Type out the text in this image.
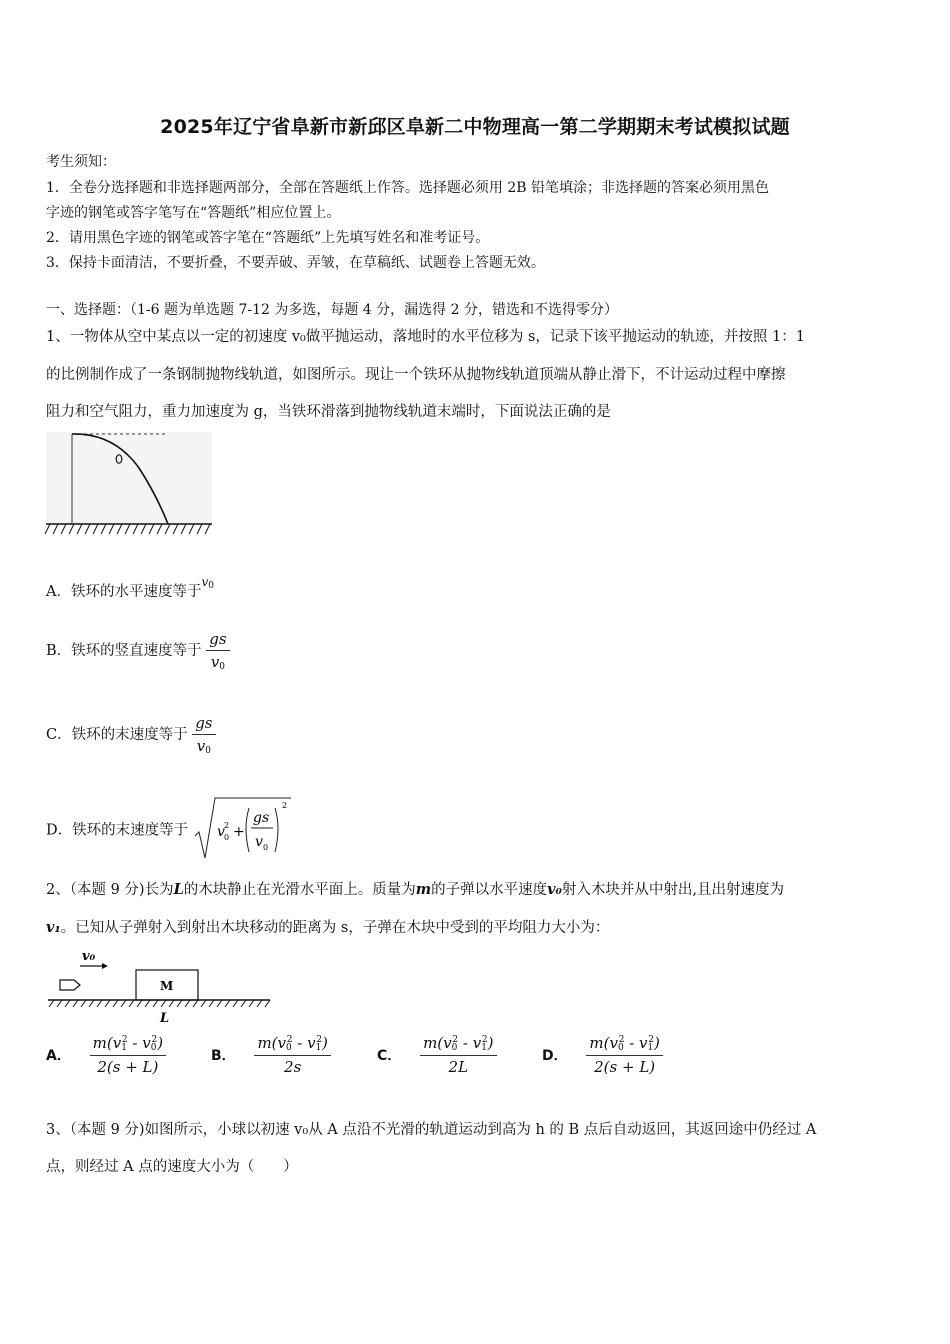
2025年辽宁省阜新市新邱区阜新二中物理高一第二学期期末考试模拟试题
考生须知：
1．全卷分选择题和非选择题两部分，全部在答题纸上作答。选择题必须用 2B 铅笔填涂；非选择题的答案必须用黑色
字迹的钢笔或答字笔写在“答题纸”相应位置上。
2．请用黑色字迹的钢笔或答字笔在“答题纸”上先填写姓名和准考证号。
3．保持卡面清洁，不要折叠，不要弄破、弄皱，在草稿纸、试题卷上答题无效。
一、选择题：（1-6 题为单选题 7-12 为多选，每题 4 分，漏选得 2 分，错选和不选得零分）
1、一物体从空中某点以一定的初速度 v₀做平抛运动，落地时的水平位移为 s，记录下该平抛运动的轨迹，并按照 1：1
的比例制作成了一条钢制抛物线轨道，如图所示。现让一个铁环从抛物线轨道顶端从静止滑下，不计运动过程中摩擦
阻力和空气阻力，重力加速度为 g，当铁环滑落到抛物线轨道末端时，下面说法正确的是
A．铁环的水平速度等于$^{v_0}$
B．铁环的竖直速度等于 $\frac{gs}{v_0}$
C．铁环的末速度等于 $\frac{gs}{v_0}$
D．铁环的末速度等于 v 2
0 +
gs
v 0
2
2、（本题 9 分)长为L的木块静止在光滑水平面上。质量为m的子弹以水平速度v₀射入木块并从中射出,且出射速度为
v₁。已知从子弹射入到射出木块移动的距离为 s，子弹在木块中受到的平均阻力大小为：
v₀
M
L
A． $\frac{m(v_1^2 - v_0^2)}{2(s + L)}$	B． $\frac{m(v_0^2 - v_1^2)}{2s}$	C． $\frac{m(v_0^2 - v_1^2)}{2L}$	D． $\frac{m(v_0^2 - v_1^2)}{2(s + L)}$
3、（本题 9 分)如图所示，小球以初速 v₀从 A 点沿不光滑的轨道运动到高为 h 的 B 点后自动返回，其返回途中仍经过 A
点，则经过 A 点的速度大小为（　　）
